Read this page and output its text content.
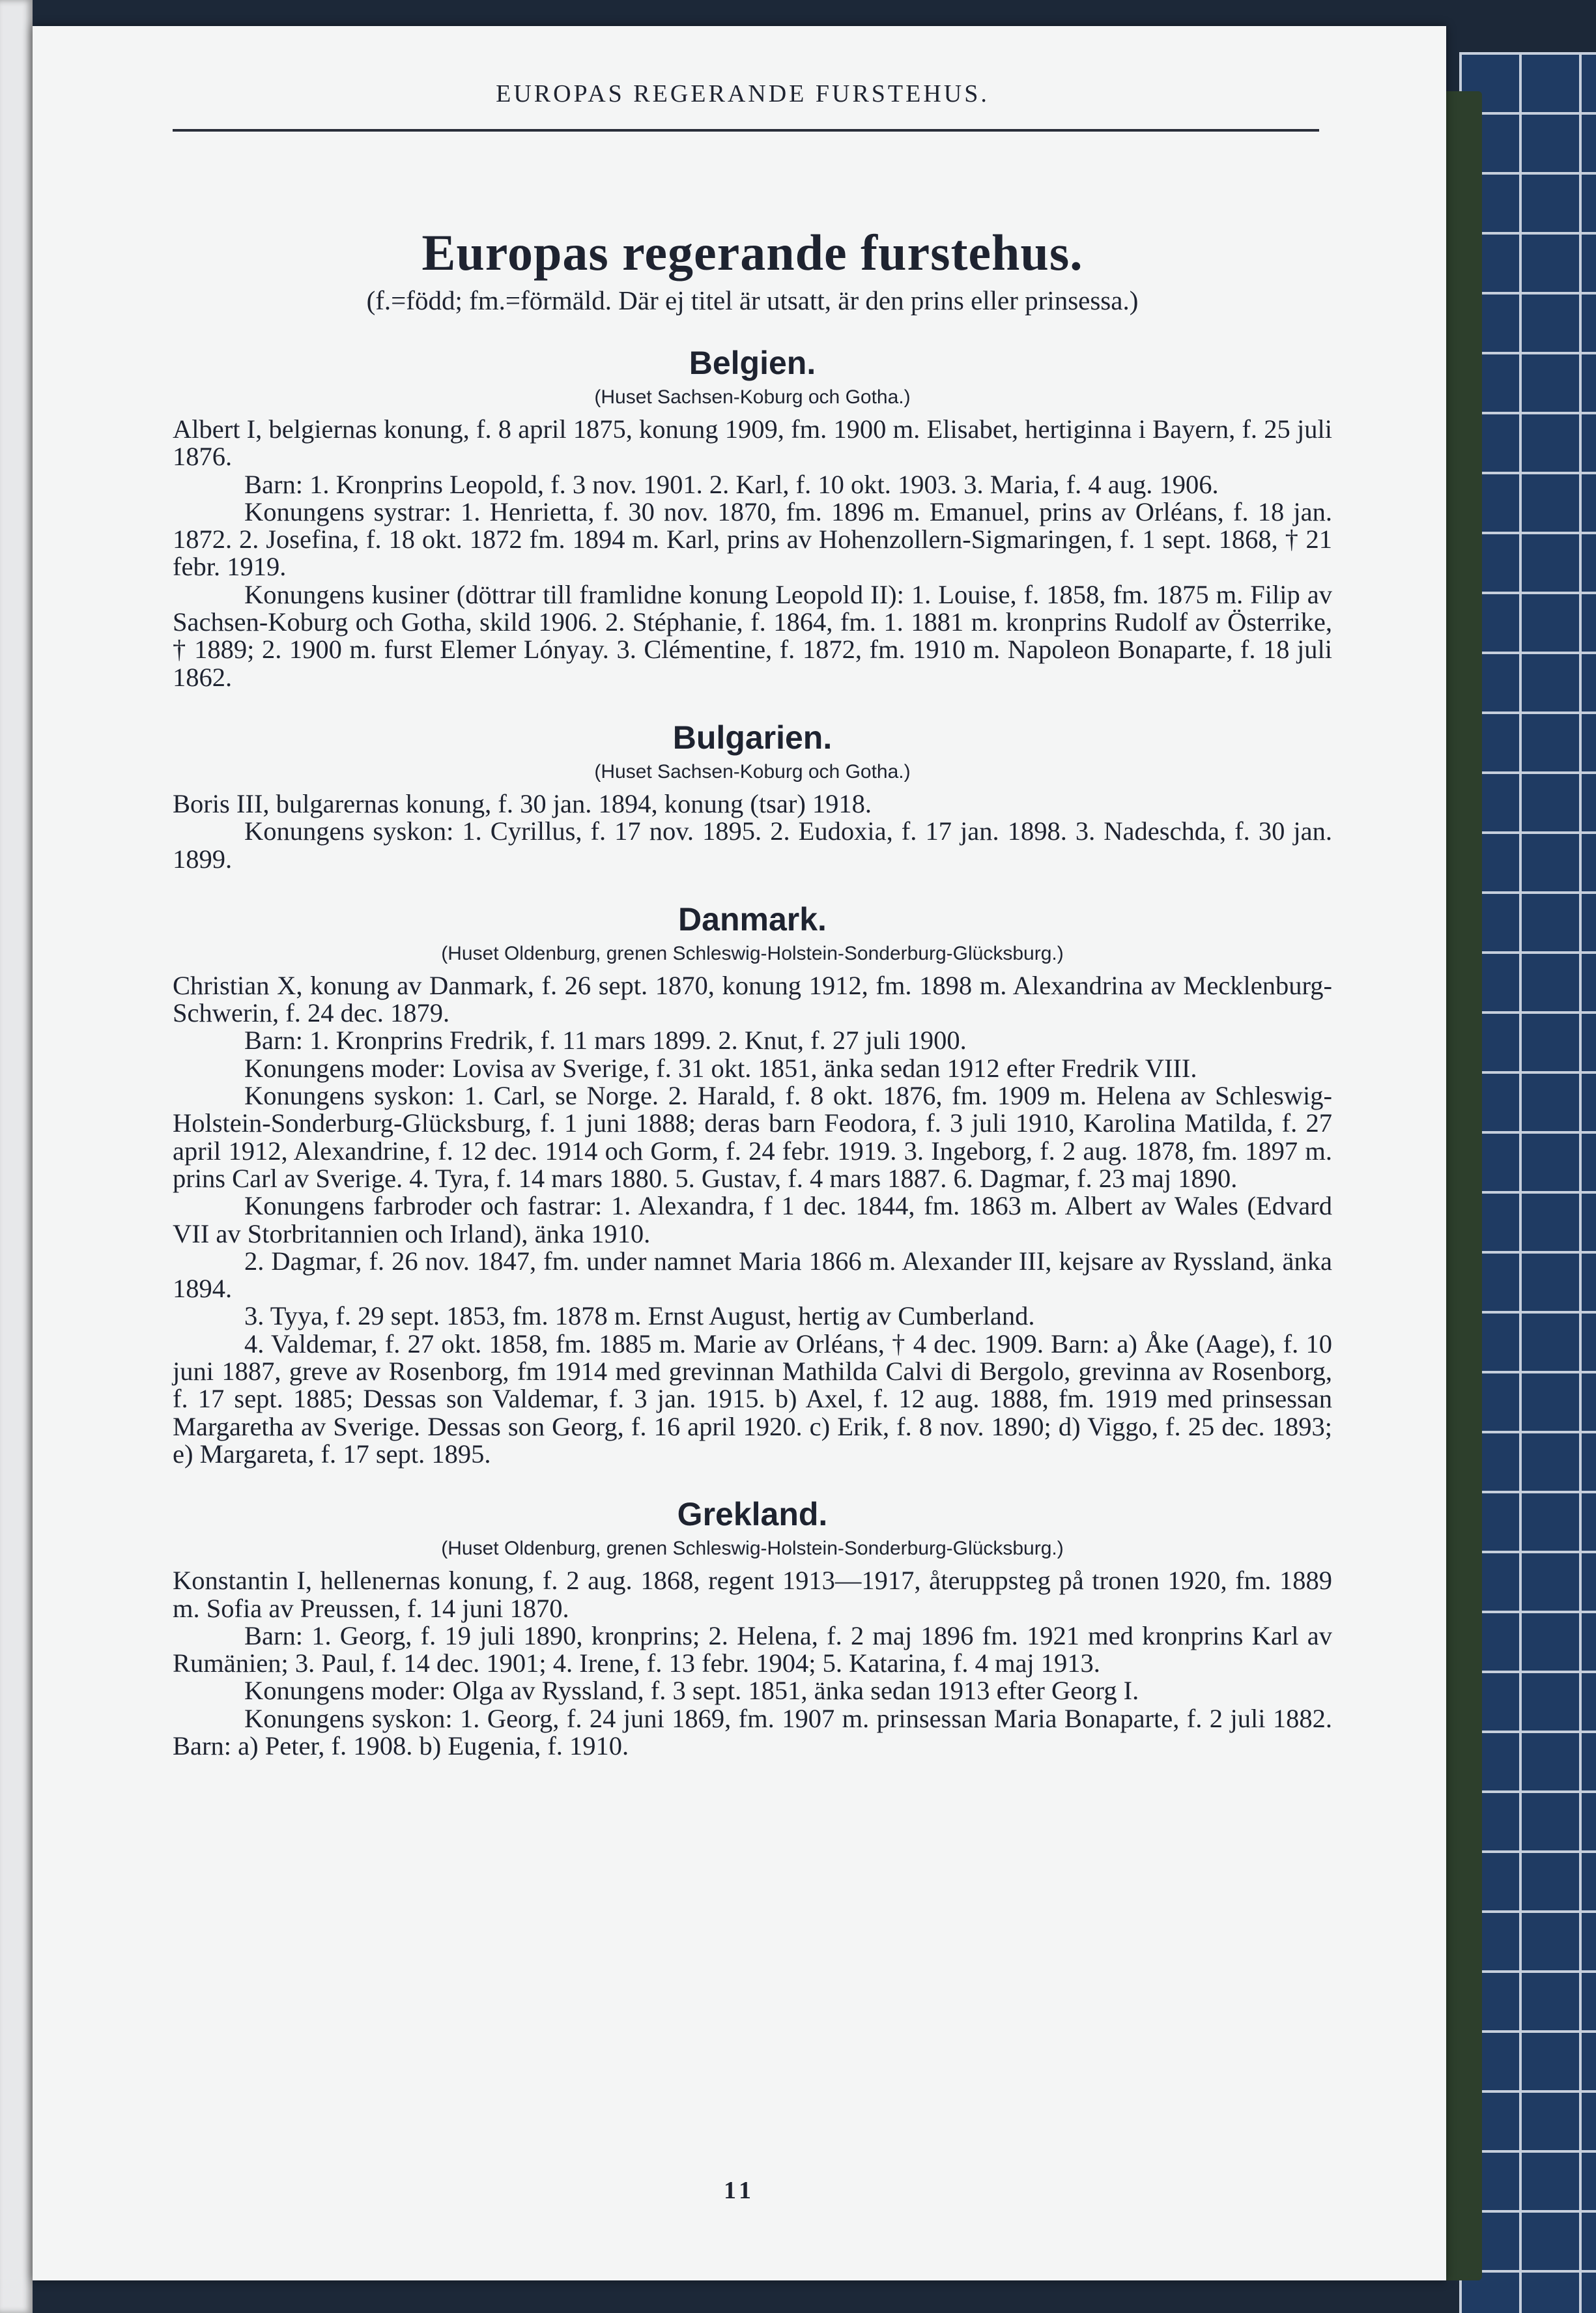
EUROPAS REGERANDE FURSTEHUS.
Europas regerande furstehus.

(f.=född; fm.=förmäld. Där ej titel är utsatt, är den prins eller prinsessa.)

Belgien.
(Huset Sachsen-Koburg och Gotha.)

Albert I, belgiernas konung, f. 8 april 1875, konung 1909, fm. 1900 m. Elisabet, hertiginna i Bayern, f. 25 juli 1876.

Barn: 1. Kronprins Leopold, f. 3 nov. 1901. 2. Karl, f. 10 okt. 1903. 3. Maria, f. 4 aug. 1906.

Konungens systrar: 1. Henrietta, f. 30 nov. 1870, fm. 1896 m. Emanuel, prins av Orléans, f. 18 jan. 1872. 2. Josefina, f. 18 okt. 1872 fm. 1894 m. Karl, prins av Hohenzollern-Sigmaringen, f. 1 sept. 1868, † 21 febr. 1919.

Konungens kusiner (döttrar till framlidne konung Leopold II): 1. Louise, f. 1858, fm. 1875 m. Filip av Sachsen-Koburg och Gotha, skild 1906. 2. Stéphanie, f. 1864, fm. 1. 1881 m. kronprins Rudolf av Österrike, † 1889; 2. 1900 m. furst Elemer Lónyay. 3. Clémentine, f. 1872, fm. 1910 m. Napoleon Bonaparte, f. 18 juli 1862.

Bulgarien.
(Huset Sachsen-Koburg och Gotha.)

Boris III, bulgarernas konung, f. 30 jan. 1894, konung (tsar) 1918.

Konungens syskon: 1. Cyrillus, f. 17 nov. 1895. 2. Eudoxia, f. 17 jan. 1898. 3. Nadeschda, f. 30 jan. 1899.

Danmark.
(Huset Oldenburg, grenen Schleswig-Holstein-Sonderburg-Glücksburg.)

Christian X, konung av Danmark, f. 26 sept. 1870, konung 1912, fm. 1898 m. Alexandrina av Mecklenburg-Schwerin, f. 24 dec. 1879.

Barn: 1. Kronprins Fredrik, f. 11 mars 1899. 2. Knut, f. 27 juli 1900.

Konungens moder: Lovisa av Sverige, f. 31 okt. 1851, änka sedan 1912 efter Fredrik VIII.

Konungens syskon: 1. Carl, se Norge. 2. Harald, f. 8 okt. 1876, fm. 1909 m. Helena av Schleswig-Holstein-Sonderburg-Glücksburg, f. 1 juni 1888; deras barn Feodora, f. 3 juli 1910, Karolina Matilda, f. 27 april 1912, Alexandrine, f. 12 dec. 1914 och Gorm, f. 24 febr. 1919. 3. Ingeborg, f. 2 aug. 1878, fm. 1897 m. prins Carl av Sverige. 4. Tyra, f. 14 mars 1880. 5. Gustav, f. 4 mars 1887. 6. Dagmar, f. 23 maj 1890.

Konungens farbroder och fastrar: 1. Alexandra, f 1 dec. 1844, fm. 1863 m. Albert av Wales (Edvard VII av Storbritannien och Irland), änka 1910.

2. Dagmar, f. 26 nov. 1847, fm. under namnet Maria 1866 m. Alexander III, kejsare av Ryssland, änka 1894.

3. Tyya, f. 29 sept. 1853, fm. 1878 m. Ernst August, hertig av Cumberland.

4. Valdemar, f. 27 okt. 1858, fm. 1885 m. Marie av Orléans, † 4 dec. 1909. Barn: a) Åke (Aage), f. 10 juni 1887, greve av Rosenborg, fm 1914 med grevinnan Mathilda Calvi di Bergolo, grevinna av Rosenborg, f. 17 sept. 1885; Dessas son Valdemar, f. 3 jan. 1915. b) Axel, f. 12 aug. 1888, fm. 1919 med prinsessan Margaretha av Sverige. Dessas son Georg, f. 16 april 1920. c) Erik, f. 8 nov. 1890; d) Viggo, f. 25 dec. 1893; e) Margareta, f. 17 sept. 1895.

Grekland.
(Huset Oldenburg, grenen Schleswig-Holstein-Sonderburg-Glücksburg.)

Konstantin I, hellenernas konung, f. 2 aug. 1868, regent 1913—1917, återuppsteg på tronen 1920, fm. 1889 m. Sofia av Preussen, f. 14 juni 1870.

Barn: 1. Georg, f. 19 juli 1890, kronprins; 2. Helena, f. 2 maj 1896 fm. 1921 med kronprins Karl av Rumänien; 3. Paul, f. 14 dec. 1901; 4. Irene, f. 13 febr. 1904; 5. Katarina, f. 4 maj 1913.

Konungens moder: Olga av Ryssland, f. 3 sept. 1851, änka sedan 1913 efter Georg I.

Konungens syskon: 1. Georg, f. 24 juni 1869, fm. 1907 m. prinsessan Maria Bonaparte, f. 2 juli 1882. Barn: a) Peter, f. 1908. b) Eugenia, f. 1910.

11
